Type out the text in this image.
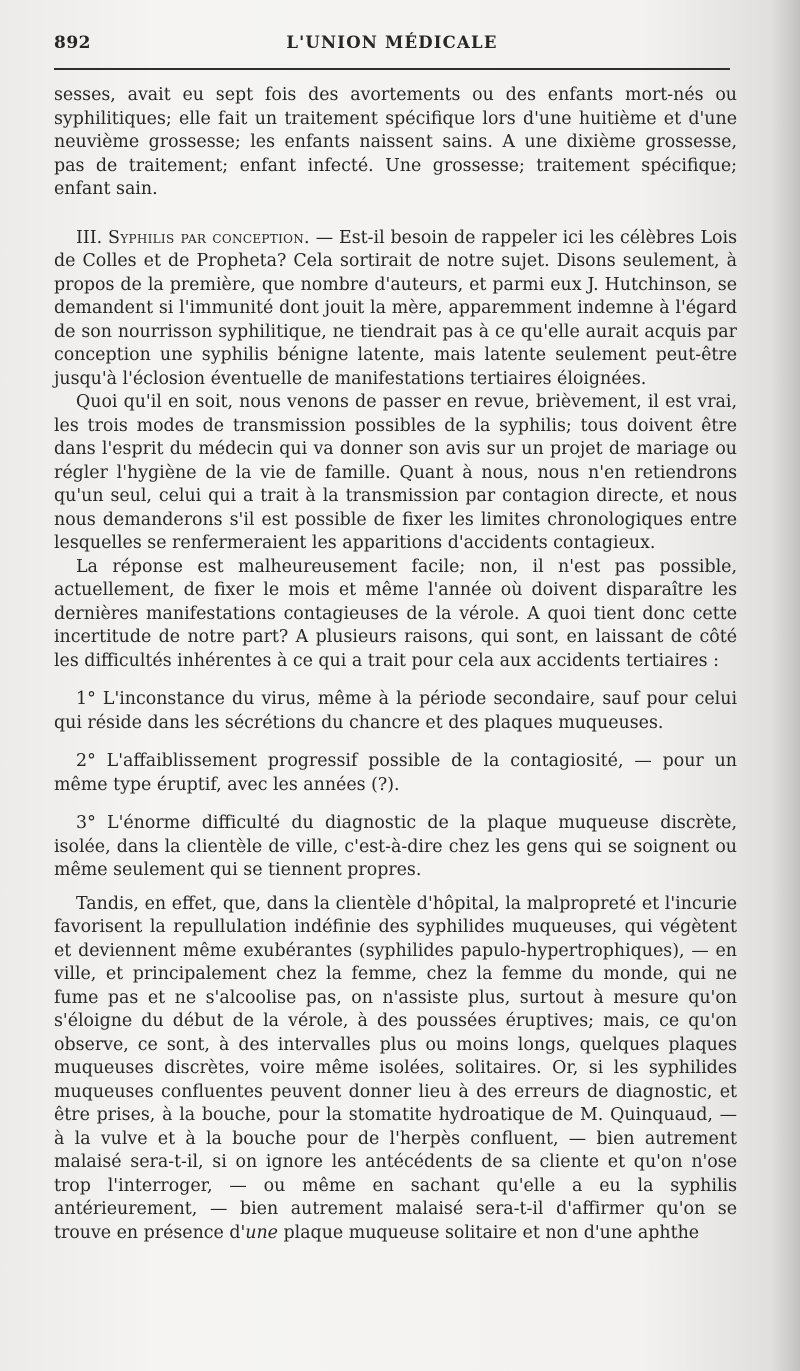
892	L'UNION MÉDICALE

sesses, avait eu sept fois des avortements ou des enfants mort-nés ou syphilitiques; elle fait un traitement spécifique lors d'une huitième et d'une neuvième grossesse; les enfants naissent sains. A une dixième grossesse, pas de traitement; enfant infecté. Une grossesse; traitement spécifique; enfant sain.

III. Syphilis par conception. — Est-il besoin de rappeler ici les célèbres Lois de Colles et de Propheta? Cela sortirait de notre sujet. Disons seulement, à propos de la première, que nombre d'auteurs, et parmi eux J. Hutchinson, se demandent si l'immunité dont jouit la mère, apparemment indemne à l'égard de son nourrisson syphilitique, ne tiendrait pas à ce qu'elle aurait acquis par conception une syphilis bénigne latente, mais latente seulement peut-être jusqu'à l'éclosion éventuelle de manifestations tertiaires éloignées.

Quoi qu'il en soit, nous venons de passer en revue, brièvement, il est vrai, les trois modes de transmission possibles de la syphilis; tous doivent être dans l'esprit du médecin qui va donner son avis sur un projet de mariage ou régler l'hygiène de la vie de famille. Quant à nous, nous n'en retiendrons qu'un seul, celui qui a trait à la transmission par contagion directe, et nous nous demanderons s'il est possible de fixer les limites chronologiques entre lesquelles se renfermeraient les apparitions d'accidents contagieux.

La réponse est malheureusement facile; non, il n'est pas possible, actuellement, de fixer le mois et même l'année où doivent disparaître les dernières manifestations contagieuses de la vérole. A quoi tient donc cette incertitude de notre part? A plusieurs raisons, qui sont, en laissant de côté les difficultés inhérentes à ce qui a trait pour cela aux accidents tertiaires :

1° L'inconstance du virus, même à la période secondaire, sauf pour celui qui réside dans les sécrétions du chancre et des plaques muqueuses.

2° L'affaiblissement progressif possible de la contagiosité, — pour un même type éruptif, avec les années (?).

3° L'énorme difficulté du diagnostic de la plaque muqueuse discrète, isolée, dans la clientèle de ville, c'est-à-dire chez les gens qui se soignent ou même seulement qui se tiennent propres.

Tandis, en effet, que, dans la clientèle d'hôpital, la malpropreté et l'incurie favorisent la repullulation indéfinie des syphilides muqueuses, qui végètent et deviennent même exubérantes (syphilides papulo-hypertrophiques), — en ville, et principalement chez la femme, chez la femme du monde, qui ne fume pas et ne s'alcoolise pas, on n'assiste plus, surtout à mesure qu'on s'éloigne du début de la vérole, à des poussées éruptives; mais, ce qu'on observe, ce sont, à des intervalles plus ou moins longs, quelques plaques muqueuses discrètes, voire même isolées, solitaires. Or, si les syphilides muqueuses confluentes peuvent donner lieu à des erreurs de diagnostic, et être prises, à la bouche, pour la stomatite hydroatique de M. Quinquaud, — à la vulve et à la bouche pour de l'herpès confluent, — bien autrement malaisé sera-t-il, si on ignore les antécédents de sa cliente et qu'on n'ose trop l'interroger, — ou même en sachant qu'elle a eu la syphilis antérieurement, — bien autrement malaisé sera-t-il d'affirmer qu'on se trouve en présence d'une plaque muqueuse solitaire et non d'une aphthe
